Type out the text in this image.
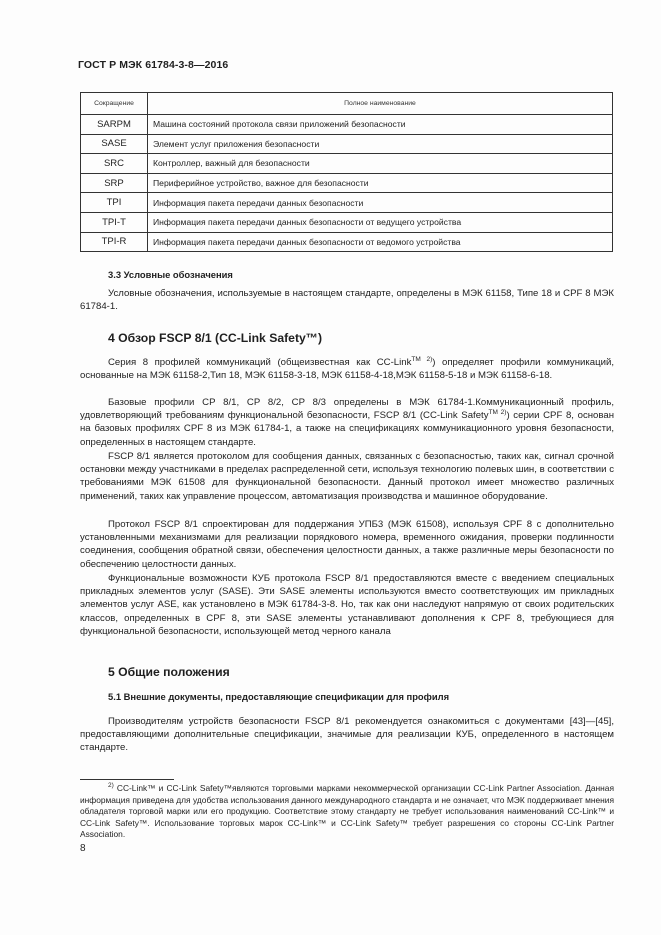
ГОСТ Р МЭК 61784-3-8—2016
Сокращение	Полное наименование
SARPM	Машина состояний протокола связи приложений безопасности
SASE	Элемент услуг приложения безопасности
SRC	Контроллер, важный для безопасности
SRP	Периферийное устройство, важное для безопасности
TPI	Информация пакета передачи данных безопасности
TPI-T	Информация пакета передачи данных безопасности от ведущего устройства
TPI-R	Информация пакета передачи данных безопасности от ведомого устройства
3.3 Условные обозначения

Условные обозначения, используемые в настоящем стандарте, определены в МЭК 61158, Типе 18 и CPF 8 МЭК 61784-1.

4 Обзор FSCP 8/1 (CC-Link Safety™)

Серия 8 профилей коммуникаций (общеизвестная как CC-Link$^{TM 2)}$) определяет профили коммуникаций, основанные на МЭК 61158-2,Тип 18, МЭК 61158-3-18, МЭК 61158-4-18,МЭК 61158-5-18 и МЭК 61158-6-18.

Базовые профили CP 8/1, CP 8/2, CP 8/3 определены в МЭК 61784-1.Коммуникационный профиль, удовлетворяющий требованиям функциональной безопасности, FSCP 8/1 (CC-Link Safety$^{TM 2)}$) серии CPF 8, основан на базовых профилях CPF 8 из МЭК 61784-1, а также на спецификациях коммуникационного уровня безопасности, определенных в настоящем стандарте.

FSCP 8/1 является протоколом для сообщения данных, связанных с безопасностью, таких как, сигнал срочной остановки между участниками в пределах распределенной сети, используя технологию полевых шин, в соответствии с требованиями МЭК 61508 для функциональной безопасности. Данный протокол имеет множество различных применений, таких как управление процессом, автоматизация производства и машинное оборудование.

Протокол FSCP 8/1 спроектирован для поддержания УПБ3 (МЭК 61508), используя CPF 8 с дополнительно установленными механизмами для реализации порядкового номера, временного ожидания, проверки подлинности соединения, сообщения обратной связи, обеспечения целостности данных, а также различные меры безопасности по обеспечению целостности данных.

Функциональные возможности КУБ протокола FSCP 8/1 предоставляются вместе с введением специальных прикладных элементов услуг (SASE). Эти SASE элементы используются вместо соответствующих им прикладных элементов услуг ASE, как установлено в МЭК 61784-3-8. Но, так как они наследуют напрямую от своих родительских классов, определенных в CPF 8, эти SASE элементы устанавливают дополнения к CPF 8, требующиеся для функциональной безопасности, использующей метод черного канала

5 Общие положения
5.1 Внешние документы, предоставляющие спецификации для профиля

Производителям устройств безопасности FSCP 8/1 рекомендуется ознакомиться с документами [43]—[45], предоставляющими дополнительные спецификации, значимые для реализации КУБ, определенного в настоящем стандарте.

$^{2)}$ CC-Link™ и CC-Link Safety™являются торговыми марками некоммерческой организации CC-Link Partner Association. Данная информация приведена для удобства использования данного международного стандарта и не означает, что МЭК поддерживает мнения обладателя торговой марки или его продукцию. Соответствие этому стандарту не требует использования наименований CC-Link™ и CC-Link Safety™. Использование торговых марок CC-Link™ и CC-Link Safety™ требует разрешения со стороны CC-Link Partner Association.

8
